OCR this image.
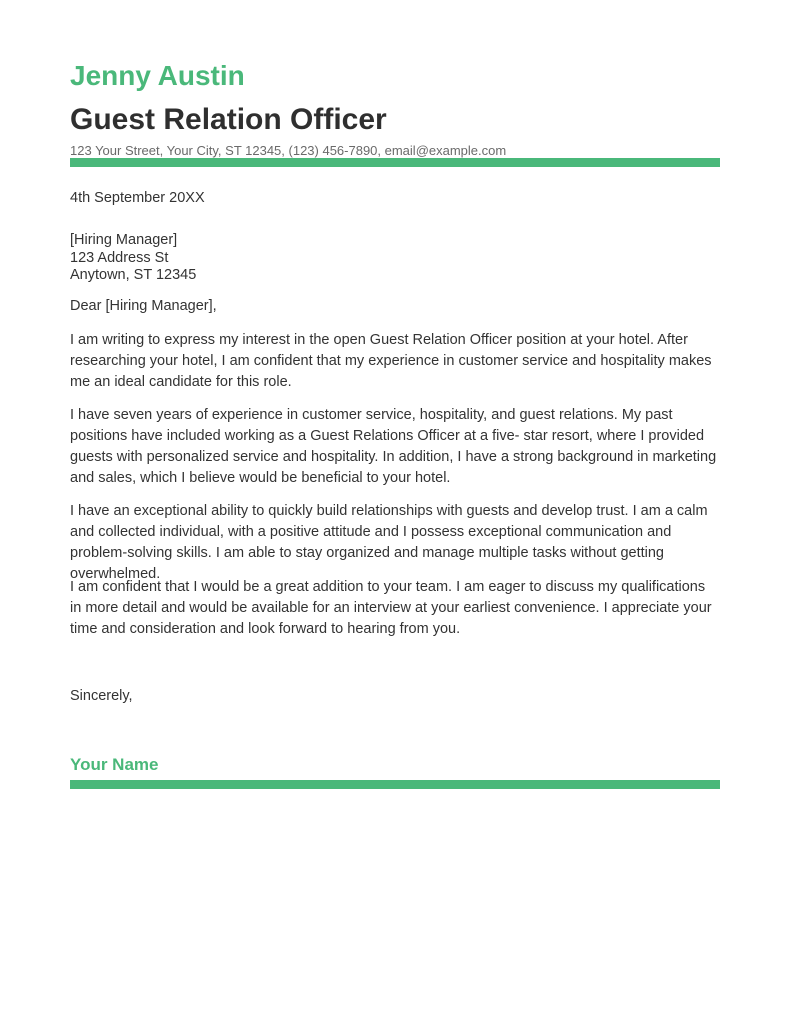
Jenny Austin
Guest Relation Officer
123 Your Street, Your City, ST 12345, (123) 456-7890, email@example.com
4th September 20XX
[Hiring Manager]
123 Address St
Anytown, ST 12345
Dear [Hiring Manager],
I am writing to express my interest in the open Guest Relation Officer position at your hotel. After researching your hotel, I am confident that my experience in customer service and hospitality makes me an ideal candidate for this role.
I have seven years of experience in customer service, hospitality, and guest relations. My past positions have included working as a Guest Relations Officer at a five- star resort, where I provided guests with personalized service and hospitality. In addition, I have a strong background in marketing and sales, which I believe would be beneficial to your hotel.
I have an exceptional ability to quickly build relationships with guests and develop trust. I am a calm and collected individual, with a positive attitude and I possess exceptional communication and problem-solving skills. I am able to stay organized and manage multiple tasks without getting overwhelmed.
I am confident that I would be a great addition to your team. I am eager to discuss my qualifications in more detail and would be available for an interview at your earliest convenience. I appreciate your time and consideration and look forward to hearing from you.
Sincerely,
Your Name
